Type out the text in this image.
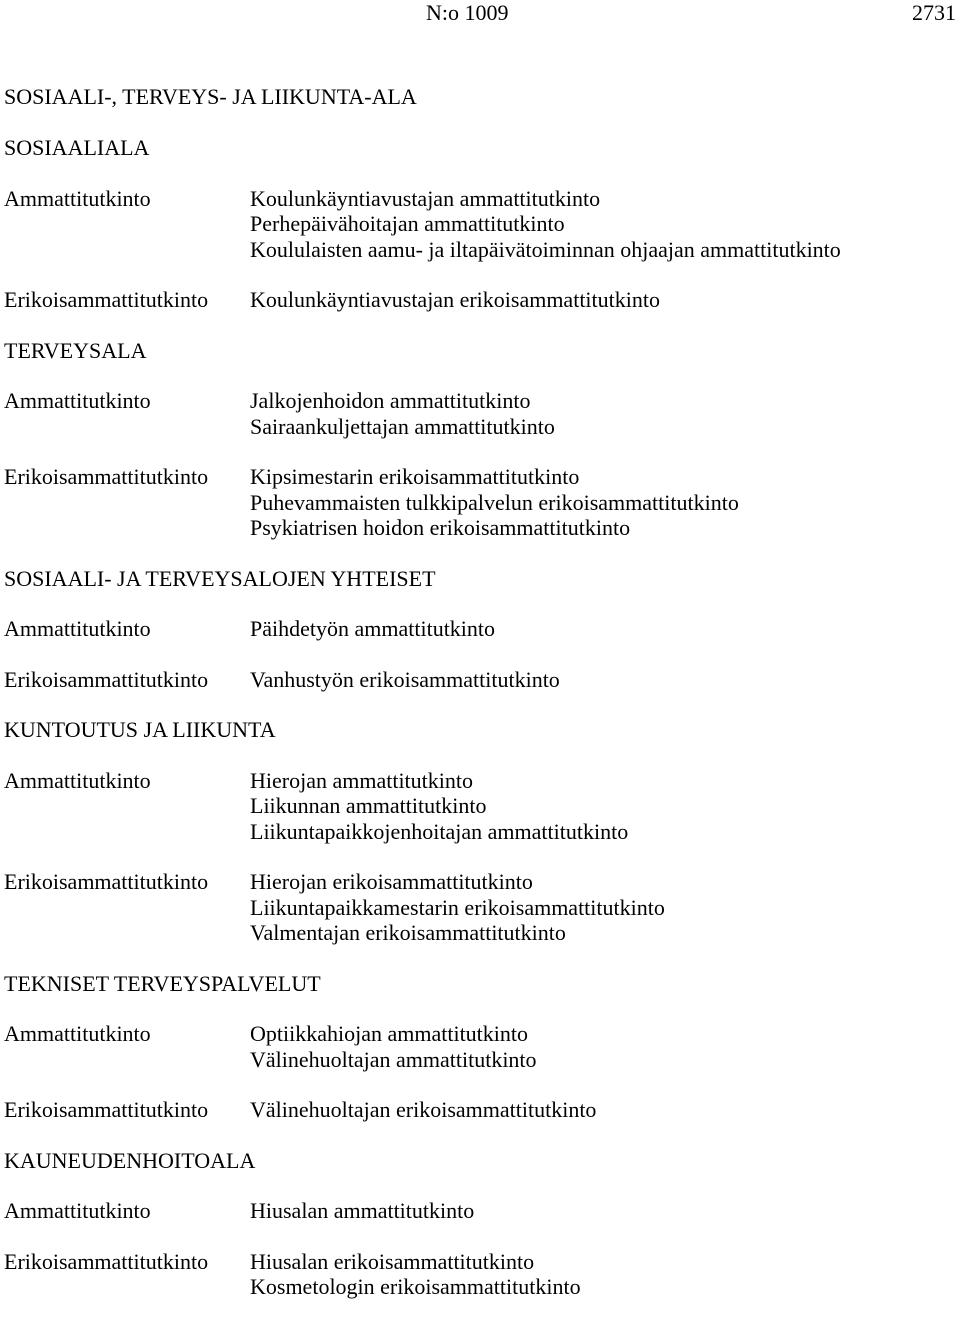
N:o 1009	2731
SOSIAALI-, TERVEYS- JA LIIKUNTA-ALA
SOSIAALIALA
Ammattitutkinto	Koulunkäyntiavustajan ammattitutkinto
Perhepäivähoitajan ammattitutkinto
Koululaisten aamu- ja iltapäivätoiminnan ohjaajan ammattitutkinto
Erikoisammattitutkinto	Koulunkäyntiavustajan erikoisammattitutkinto
TERVEYSALA
Ammattitutkinto	Jalkojenhoidon ammattitutkinto
Sairaankuljettajan ammattitutkinto
Erikoisammattitutkinto	Kipsimestarin erikoisammattitutkinto
Puhevammaisten tulkkipalvelun erikoisammattitutkinto
Psykiatrisen hoidon erikoisammattitutkinto
SOSIAALI- JA TERVEYSALOJEN YHTEISET
Ammattitutkinto	Päihdetyön ammattitutkinto
Erikoisammattitutkinto	Vanhustyön erikoisammattitutkinto
KUNTOUTUS JA LIIKUNTA
Ammattitutkinto	Hierojan ammattitutkinto
Liikunnan ammattitutkinto
Liikuntapaikkojenhoitajan ammattitutkinto
Erikoisammattitutkinto	Hierojan erikoisammattitutkinto
Liikuntapaikkamestarin erikoisammattitutkinto
Valmentajan erikoisammattitutkinto
TEKNISET TERVEYSPALVELUT
Ammattitutkinto	Optiikkahiojan ammattitutkinto
Välinehuoltajan ammattitutkinto
Erikoisammattitutkinto	Välinehuoltajan erikoisammattitutkinto
KAUNEUDENHOITOALA
Ammattitutkinto	Hiusalan ammattitutkinto
Erikoisammattitutkinto	Hiusalan erikoisammattitutkinto
Kosmetologin erikoisammattitutkinto
